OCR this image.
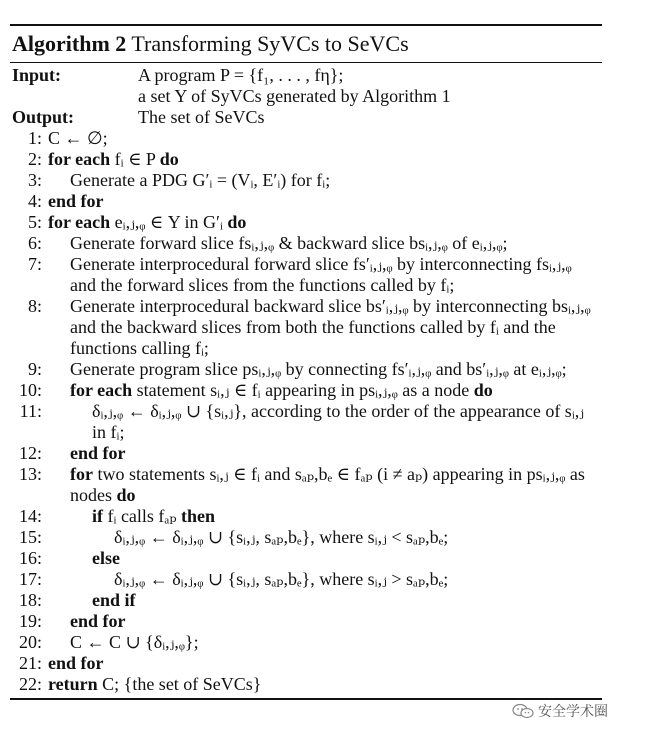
Algorithm 2 Transforming SyVCs to SeVCs
Input:	A program P = {f₁, . . . , fη};
a set Y of SyVCs generated by Algorithm 1
Output:	The set of SeVCs
1: C ← ∅;
2: for each fᵢ ∈ P do
3:	Generate a PDG G′ᵢ = (Vᵢ, E′ᵢ) for fᵢ;
4: end for
5: for each eᵢ,ⱼ,ᵩ ∈ Y in G′ᵢ do
6:	Generate forward slice fsᵢ,ⱼ,ᵩ & backward slice bsᵢ,ⱼ,ᵩ of eᵢ,ⱼ,ᵩ;
7:	Generate interprocedural forward slice fs′ᵢ,ⱼ,ᵩ by interconnecting fsᵢ,ⱼ,ᵩ and the forward slices from the functions called by fᵢ;
8:	Generate interprocedural backward slice bs′ᵢ,ⱼ,ᵩ by interconnecting bsᵢ,ⱼ,ᵩ and the backward slices from both the functions called by fᵢ and the functions calling fᵢ;
9:	Generate program slice psᵢ,ⱼ,ᵩ by connecting fs′ᵢ,ⱼ,ᵩ and bs′ᵢ,ⱼ,ᵩ at eᵢ,ⱼ,ᵩ;
10:	for each statement sᵢ,ⱼ ∈ fᵢ appearing in psᵢ,ⱼ,ᵩ as a node do
11:	δᵢ,ⱼ,ᵩ ← δᵢ,ⱼ,ᵩ ∪ {sᵢ,ⱼ}, according to the order of the appearance of sᵢ,ⱼ in fᵢ;
12:	end for
13:	for two statements sᵢ,ⱼ ∈ fᵢ and sₐₚ,bₑ ∈ fₐₚ (i ≠ aₚ) appearing in psᵢ,ⱼ,ᵩ as nodes do
14:	if fᵢ calls fₐₚ then
15:	δᵢ,ⱼ,ᵩ ← δᵢ,ⱼ,ᵩ ∪ {sᵢ,ⱼ, sₐₚ,bₑ}, where sᵢ,ⱼ < sₐₚ,bₑ;
16:	else
17:	δᵢ,ⱼ,ᵩ ← δᵢ,ⱼ,ᵩ ∪ {sᵢ,ⱼ, sₐₚ,bₑ}, where sᵢ,ⱼ > sₐₚ,bₑ;
18:	end if
19:	end for
20:	C ← C ∪ {δᵢ,ⱼ,ᵩ};
21: end for
22: return C; {the set of SeVCs}
安全学术圈
